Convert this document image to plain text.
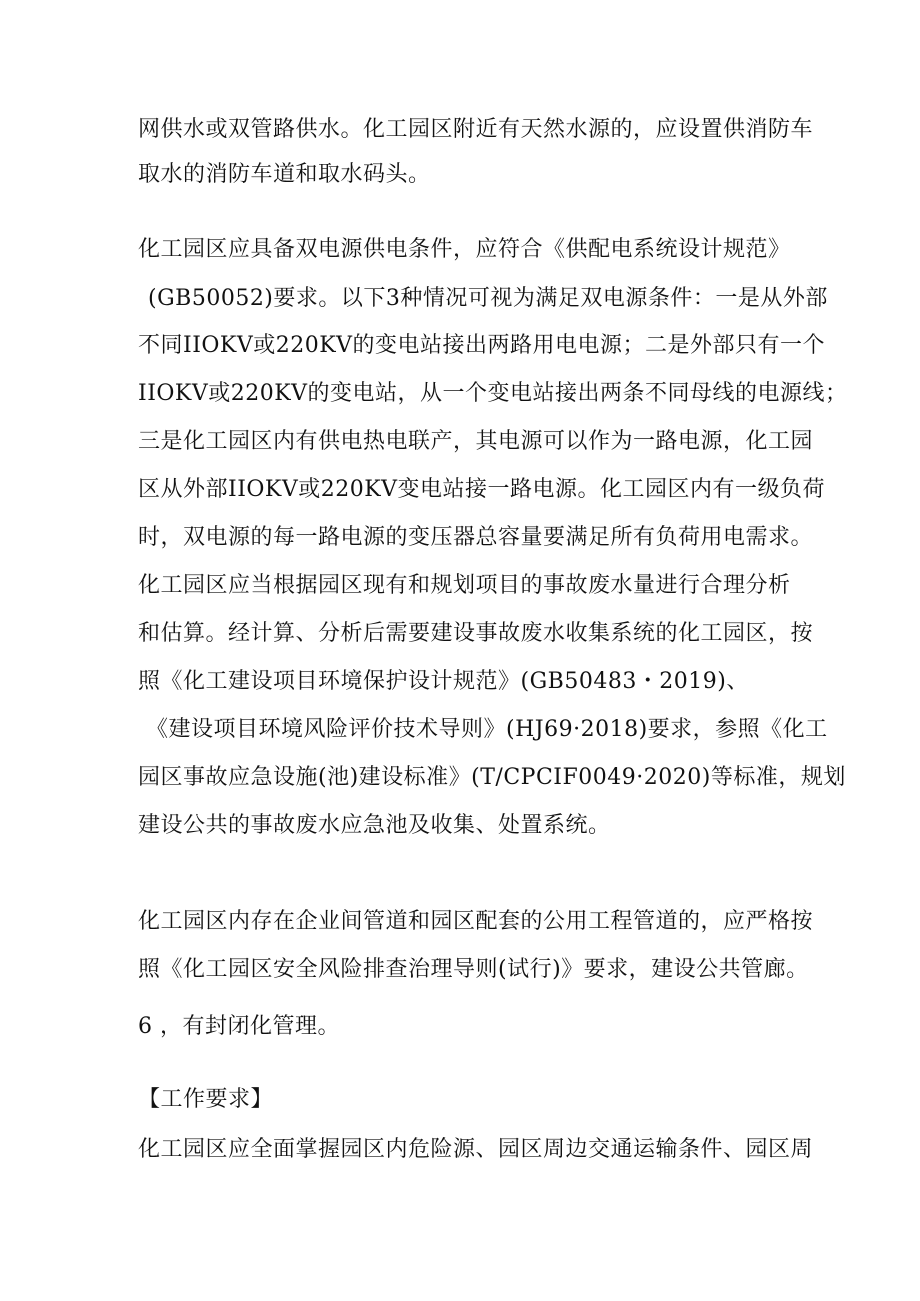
网供水或双管路供水。化工园区附近有天然水源的，应设置供消防车
取水的消防车道和取水码头。
化工园区应具备双电源供电条件，应符合《供配电系统设计规范》
(GB50052)要求。以下3种情况可视为满足双电源条件：一是从外部
不同IIOKV或220KV的变电站接出两路用电电源；二是外部只有一个
IIOKV或220KV的变电站，从一个变电站接出两条不同母线的电源线；
三是化工园区内有供电热电联产，其电源可以作为一路电源，化工园
区从外部IIOKV或220KV变电站接一路电源。化工园区内有一级负荷
时，双电源的每一路电源的变压器总容量要满足所有负荷用电需求。
化工园区应当根据园区现有和规划项目的事故废水量进行合理分析
和估算。经计算、分析后需要建设事故废水收集系统的化工园区，按
照《化工建设项目环境保护设计规范》(GB50483・2019)、
《建设项目环境风险评价技术导则》(HJ69·2018)要求，参照《化工
园区事故应急设施(池)建设标准》(T/CPCIF0049·2020)等标准，规划
建设公共的事故废水应急池及收集、处置系统。
化工园区内存在企业间管道和园区配套的公用工程管道的，应严格按
照《化工园区安全风险排查治理导则(试行)》要求，建设公共管廊。
6 ，有封闭化管理。
【工作要求】
化工园区应全面掌握园区内危险源、园区周边交通运输条件、园区周
